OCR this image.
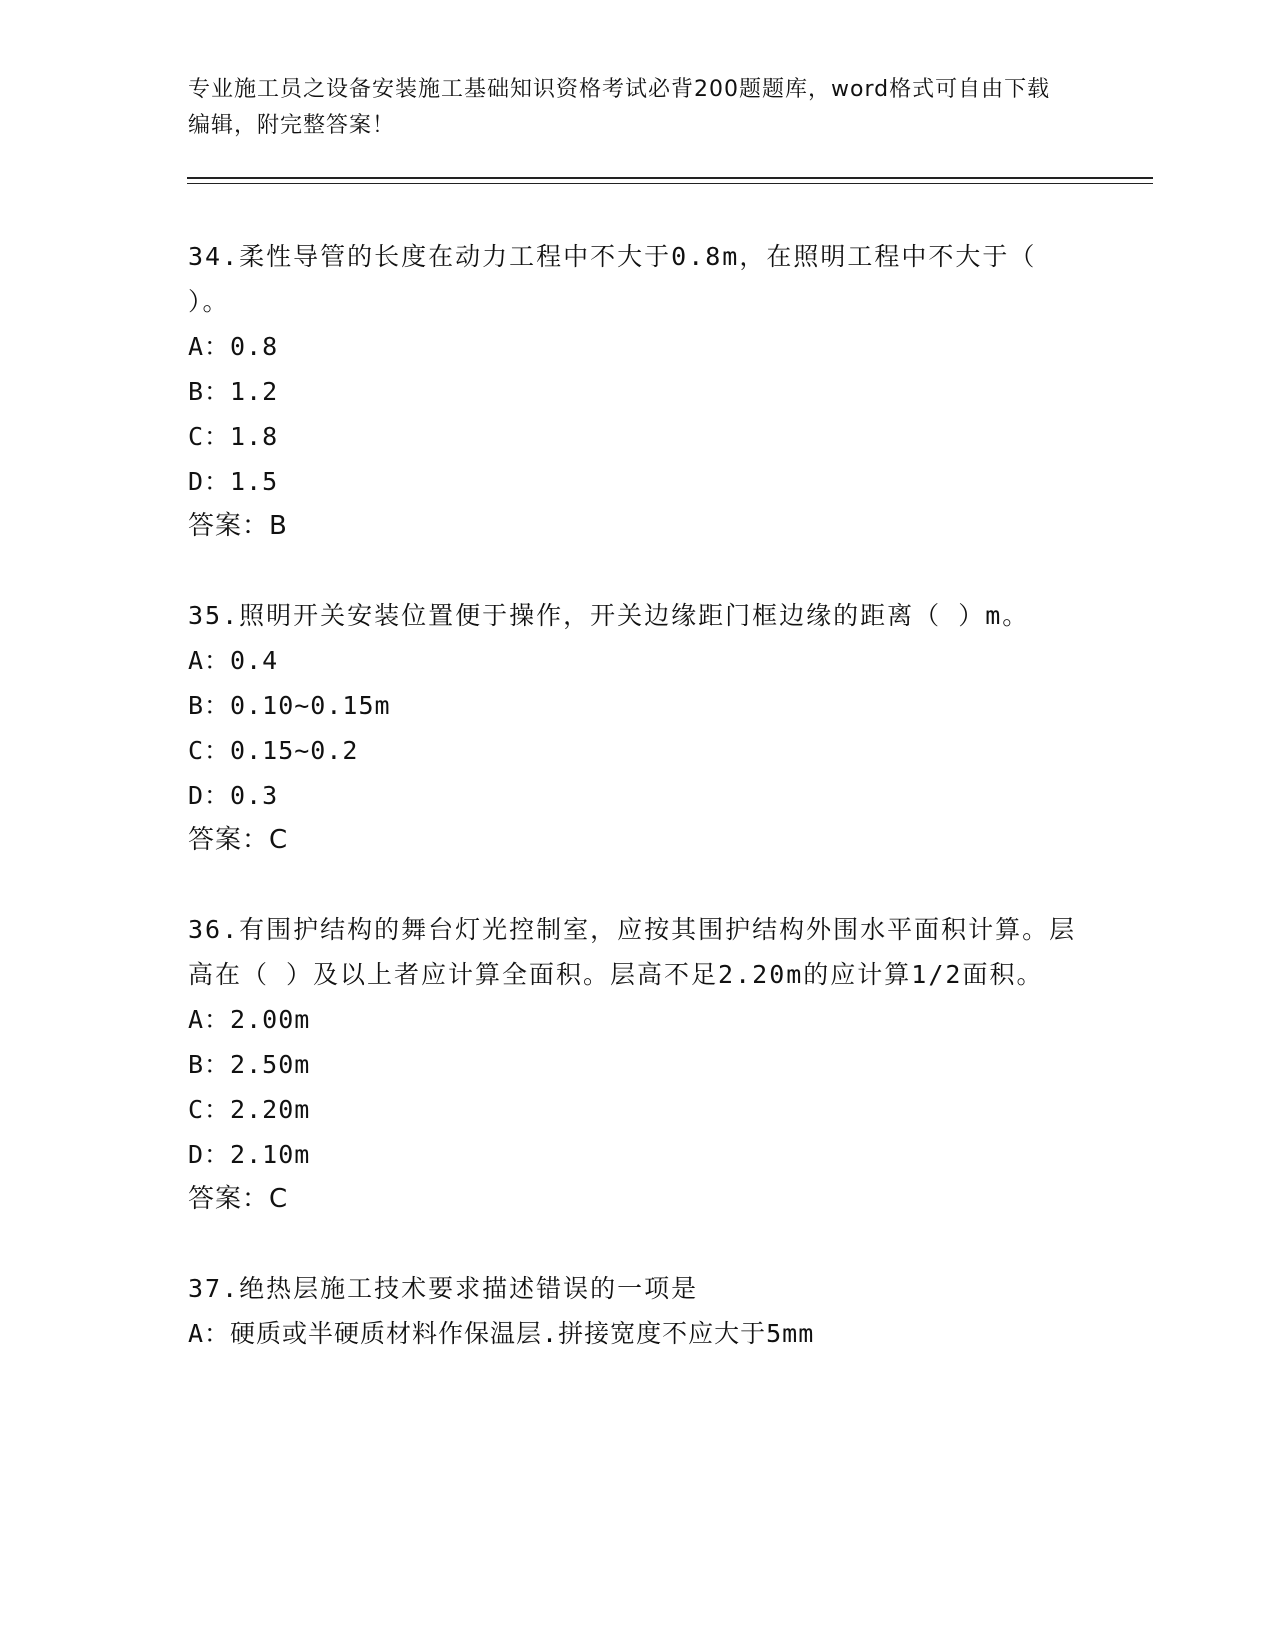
专业施工员之设备安装施工基础知识资格考试必背200题题库，word格式可自由下载编辑，附完整答案！

34.柔性导管的长度在动力工程中不大于0.8m，在照明工程中不大于（ ）。

A：0.8

B：1.2

C：1.8

D：1.5

答案：B

35.照明开关安装位置便于操作，开关边缘距门框边缘的距离（ ）m。

A：0.4

B：0.10~0.15m

C：0.15~0.2

D：0.3

答案：C

36.有围护结构的舞台灯光控制室，应按其围护结构外围水平面积计算。层高在（ ）及以上者应计算全面积。层高不足2.20m的应计算1/2面积。

A：2.00m

B：2.50m

C：2.20m

D：2.10m

答案：C

37.绝热层施工技术要求描述错误的一项是

A：硬质或半硬质材料作保温层.拼接宽度不应大于5mm
